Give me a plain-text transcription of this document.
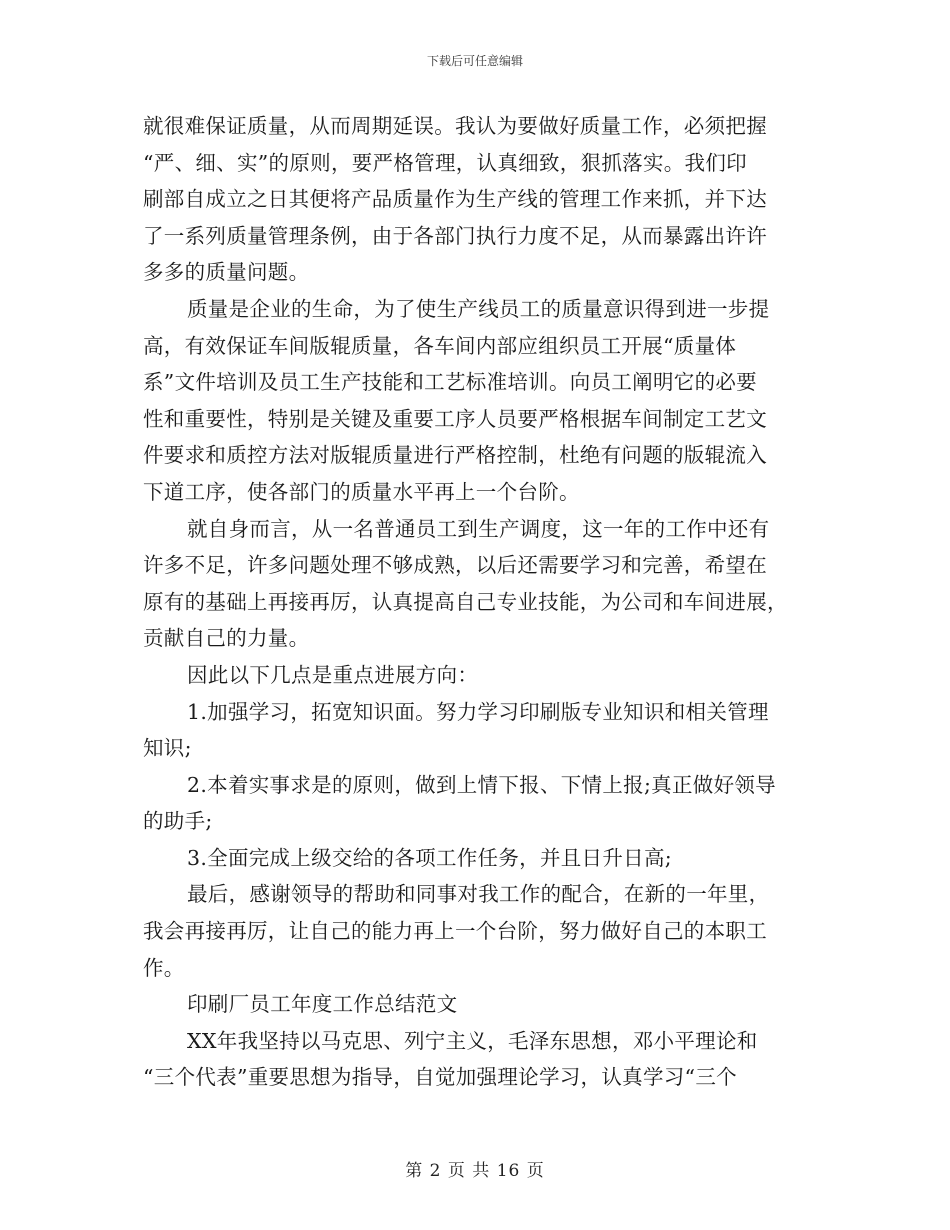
下载后可任意编辑
就很难保证质量，从而周期延误。我认为要做好质量工作，必须把握
“严、细、实”的原则，要严格管理，认真细致，狠抓落实。我们印
刷部自成立之日其便将产品质量作为生产线的管理工作来抓，并下达
了一系列质量管理条例，由于各部门执行力度不足，从而暴露出许许
多多的质量问题。
质量是企业的生命，为了使生产线员工的质量意识得到进一步提
高，有效保证车间版辊质量，各车间内部应组织员工开展“质量体
系”文件培训及员工生产技能和工艺标准培训。向员工阐明它的必要
性和重要性，特别是关键及重要工序人员要严格根据车间制定工艺文
件要求和质控方法对版辊质量进行严格控制，杜绝有问题的版辊流入
下道工序，使各部门的质量水平再上一个台阶。
就自身而言，从一名普通员工到生产调度，这一年的工作中还有
许多不足，许多问题处理不够成熟，以后还需要学习和完善，希望在
原有的基础上再接再厉，认真提高自己专业技能，为公司和车间进展，
贡献自己的力量。
因此以下几点是重点进展方向：
1.加强学习，拓宽知识面。努力学习印刷版专业知识和相关管理
知识;
2.本着实事求是的原则，做到上情下报、下情上报;真正做好领导
的助手;
3.全面完成上级交给的各项工作任务，并且日升日高;
最后，感谢领导的帮助和同事对我工作的配合，在新的一年里，
我会再接再厉，让自己的能力再上一个台阶，努力做好自己的本职工
作。
印刷厂员工年度工作总结范文
XX年我坚持以马克思、列宁主义，毛泽东思想，邓小平理论和
“三个代表”重要思想为指导，自觉加强理论学习，认真学习“三个
第 2 页 共 16 页
